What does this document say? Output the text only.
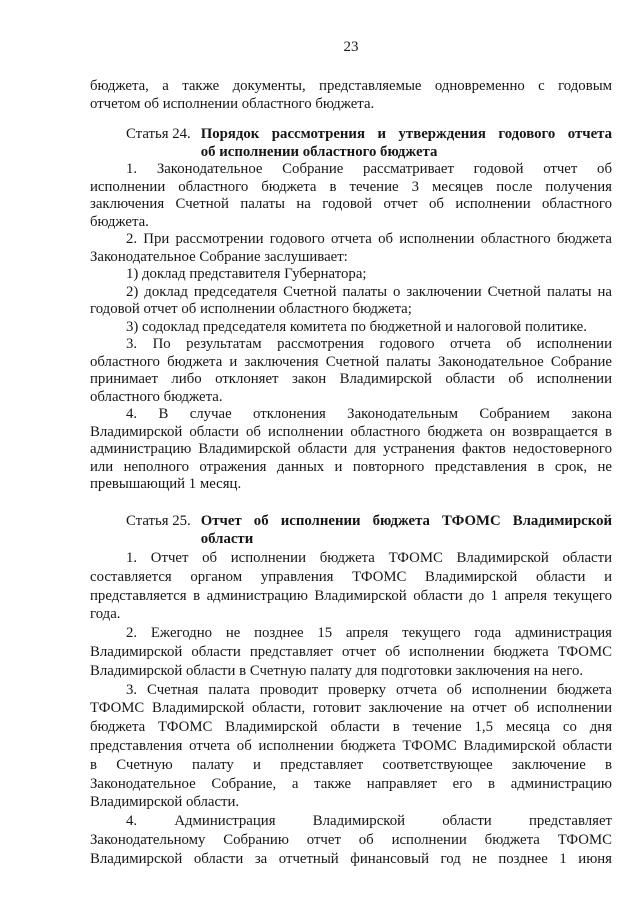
23
бюджета, а также документы, представляемые одновременно с годовым
отчетом об исполнении областного бюджета.
Статья 24. Порядок рассмотрения и утверждения годового отчета
об исполнении областного бюджета
1. Законодательное Собрание рассматривает годовой отчет об
исполнении областного бюджета в течение 3 месяцев после получения
заключения Счетной палаты на годовой отчет об исполнении областного
бюджета.
2. При рассмотрении годового отчета об исполнении областного бюджета
Законодательное Собрание заслушивает:
1) доклад представителя Губернатора;
2) доклад председателя Счетной палаты о заключении Счетной палаты на
годовой отчет об исполнении областного бюджета;
3) содоклад председателя комитета по бюджетной и налоговой политике.
3. По результатам рассмотрения годового отчета об исполнении
областного бюджета и заключения Счетной палаты Законодательное Собрание
принимает либо отклоняет закон Владимирской области об исполнении
областного бюджета.
4. В случае отклонения Законодательным Собранием закона
Владимирской области об исполнении областного бюджета он возвращается в
администрацию Владимирской области для устранения фактов недостоверного
или неполного отражения данных и повторного представления в срок, не
превышающий 1 месяц.
Статья 25. Отчет об исполнении бюджета ТФОМС Владимирской
области
1. Отчет об исполнении бюджета ТФОМС Владимирской области
составляется органом управления ТФОМС Владимирской области и
представляется в администрацию Владимирской области до 1 апреля текущего
года.
2. Ежегодно не позднее 15 апреля текущего года администрация
Владимирской области представляет отчет об исполнении бюджета ТФОМС
Владимирской области в Счетную палату для подготовки заключения на него.
3. Счетная палата проводит проверку отчета об исполнении бюджета
ТФОМС Владимирской области, готовит заключение на отчет об исполнении
бюджета ТФОМС Владимирской области в течение 1,5 месяца со дня
представления отчета об исполнении бюджета ТФОМС Владимирской области
в Счетную палату и представляет соответствующее заключение в
Законодательное Собрание, а также направляет его в администрацию
Владимирской области.
4. Администрация Владимирской области представляет
Законодательному Собранию отчет об исполнении бюджета ТФОМС
Владимирской области за отчетный финансовый год не позднее 1 июня
